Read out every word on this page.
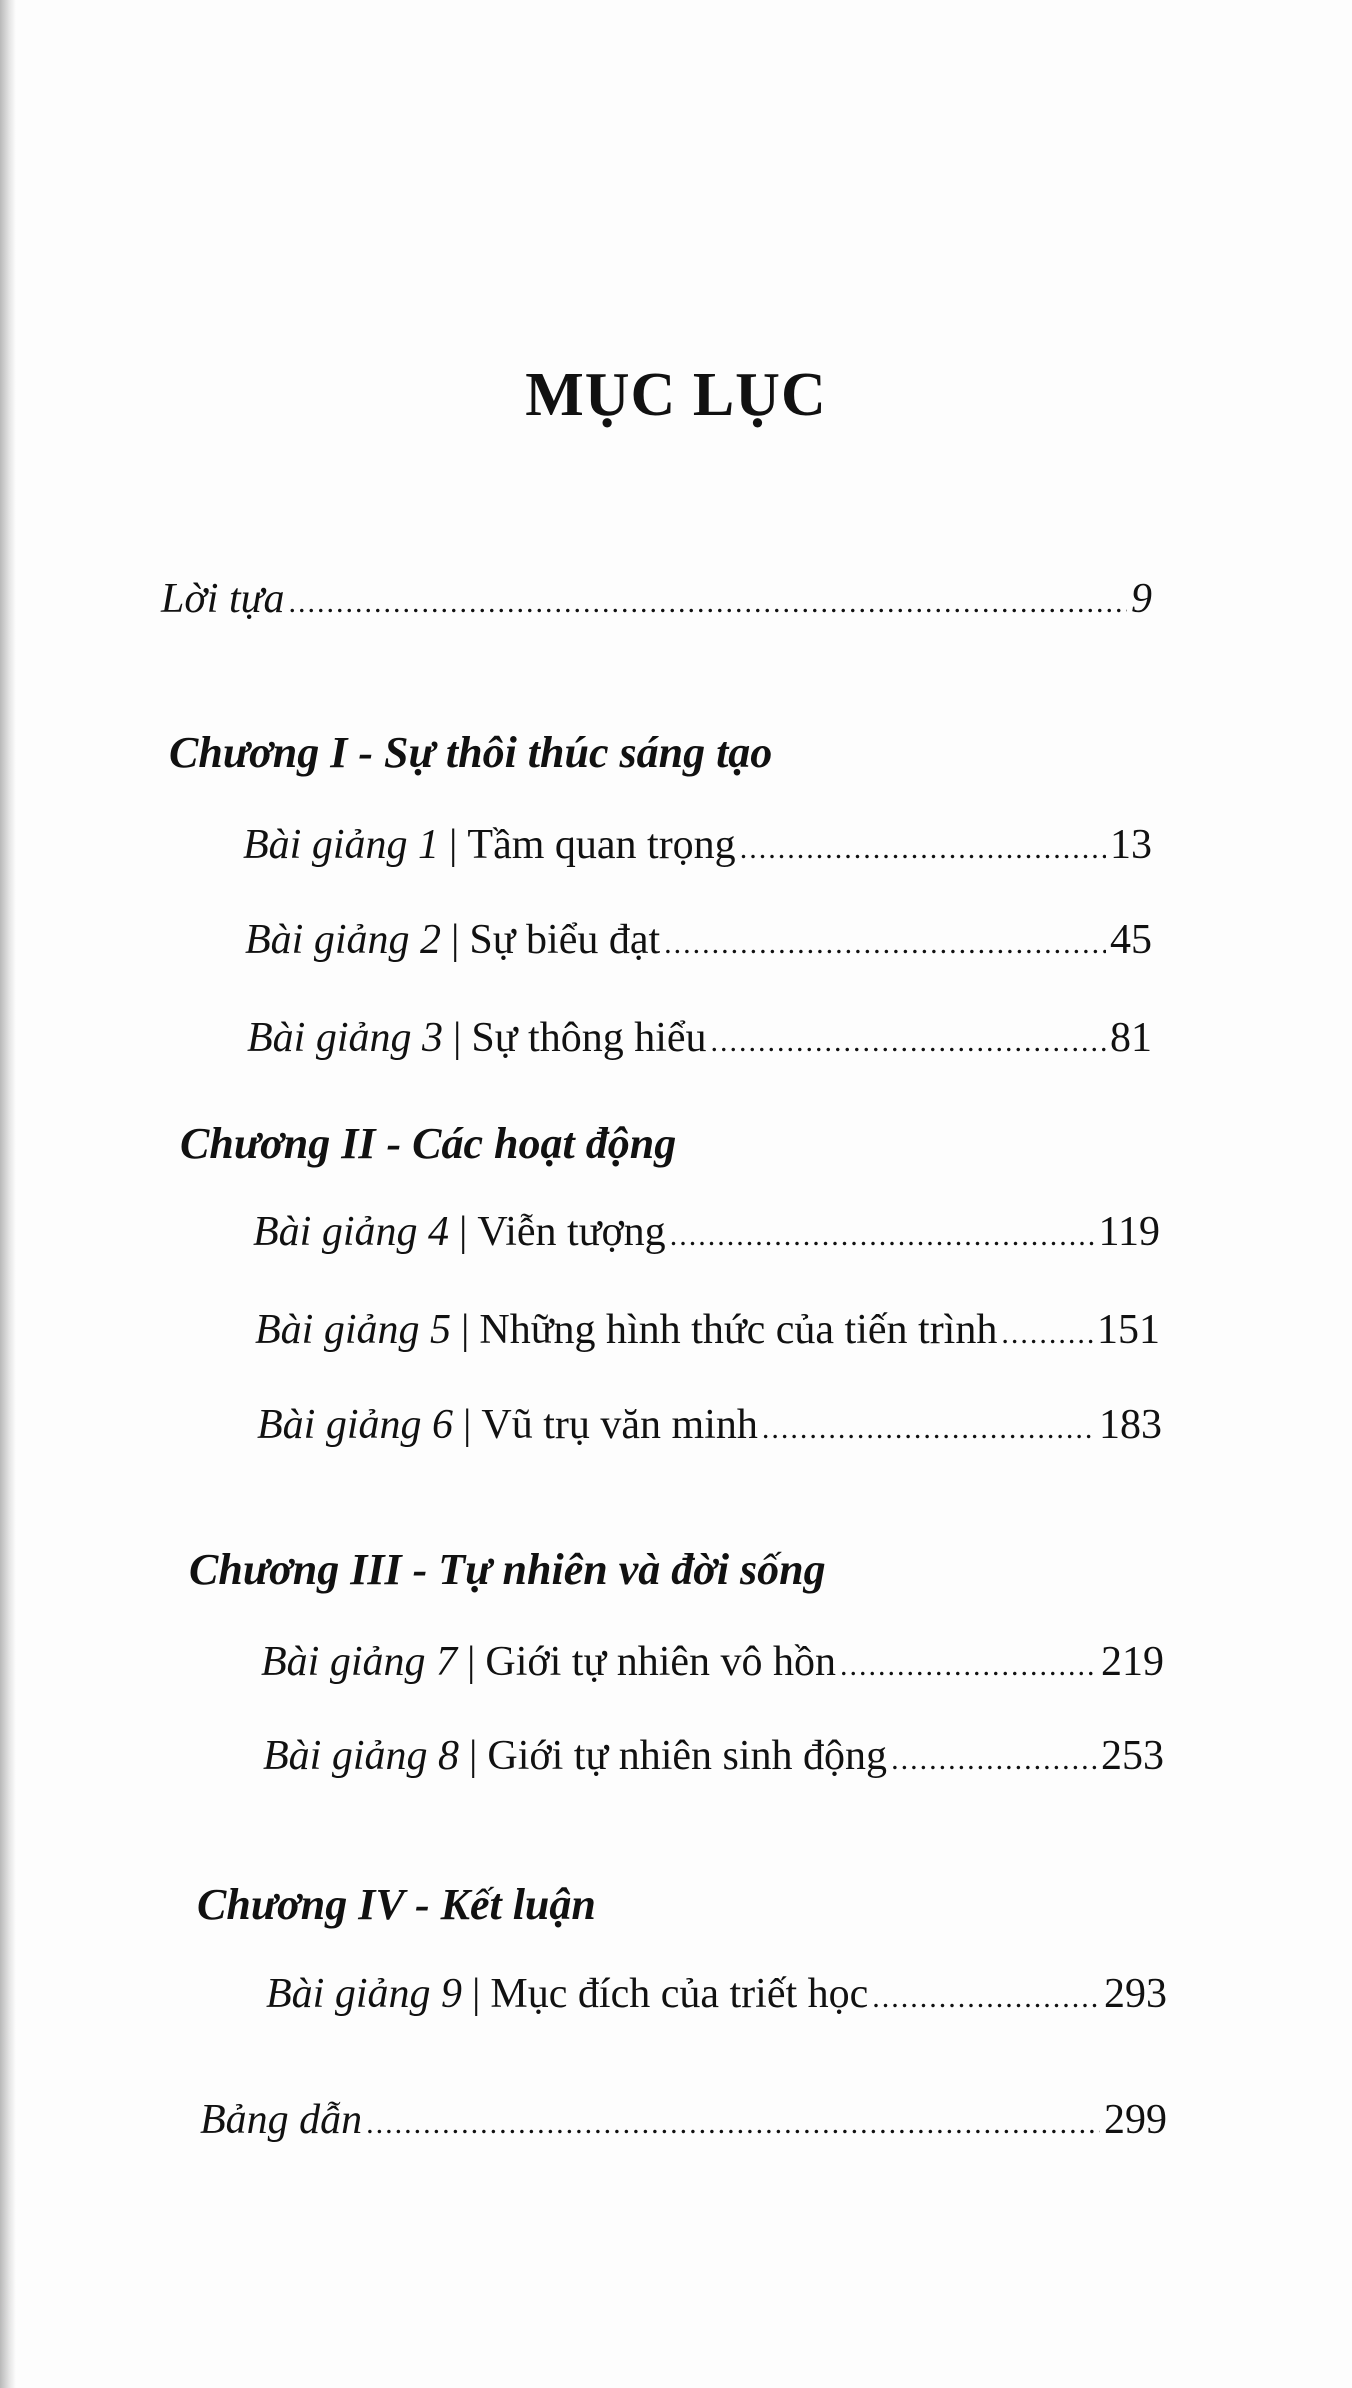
MỤC LỤC
Lời tựa .....	9
Chương I - Sự thôi thúc sáng tạo
Bài giảng 1 | Tầm quan trọng .....	13
Bài giảng 2 | Sự biểu đạt .....	45
Bài giảng 3 | Sự thông hiểu .....	81
Chương II - Các hoạt động
Bài giảng 4 | Viễn tượng .....	119
Bài giảng 5 | Những hình thức của tiến trình ..... 151
Bài giảng 6 | Vũ trụ văn minh .....	183
Chương III - Tự nhiên và đời sống
Bài giảng 7 | Giới tự nhiên vô hồn .....	219
Bài giảng 8 | Giới tự nhiên sinh động .....	253
Chương IV - Kết luận
Bài giảng 9 | Mục đích của triết học .....	293
Bảng dẫn .....	299
